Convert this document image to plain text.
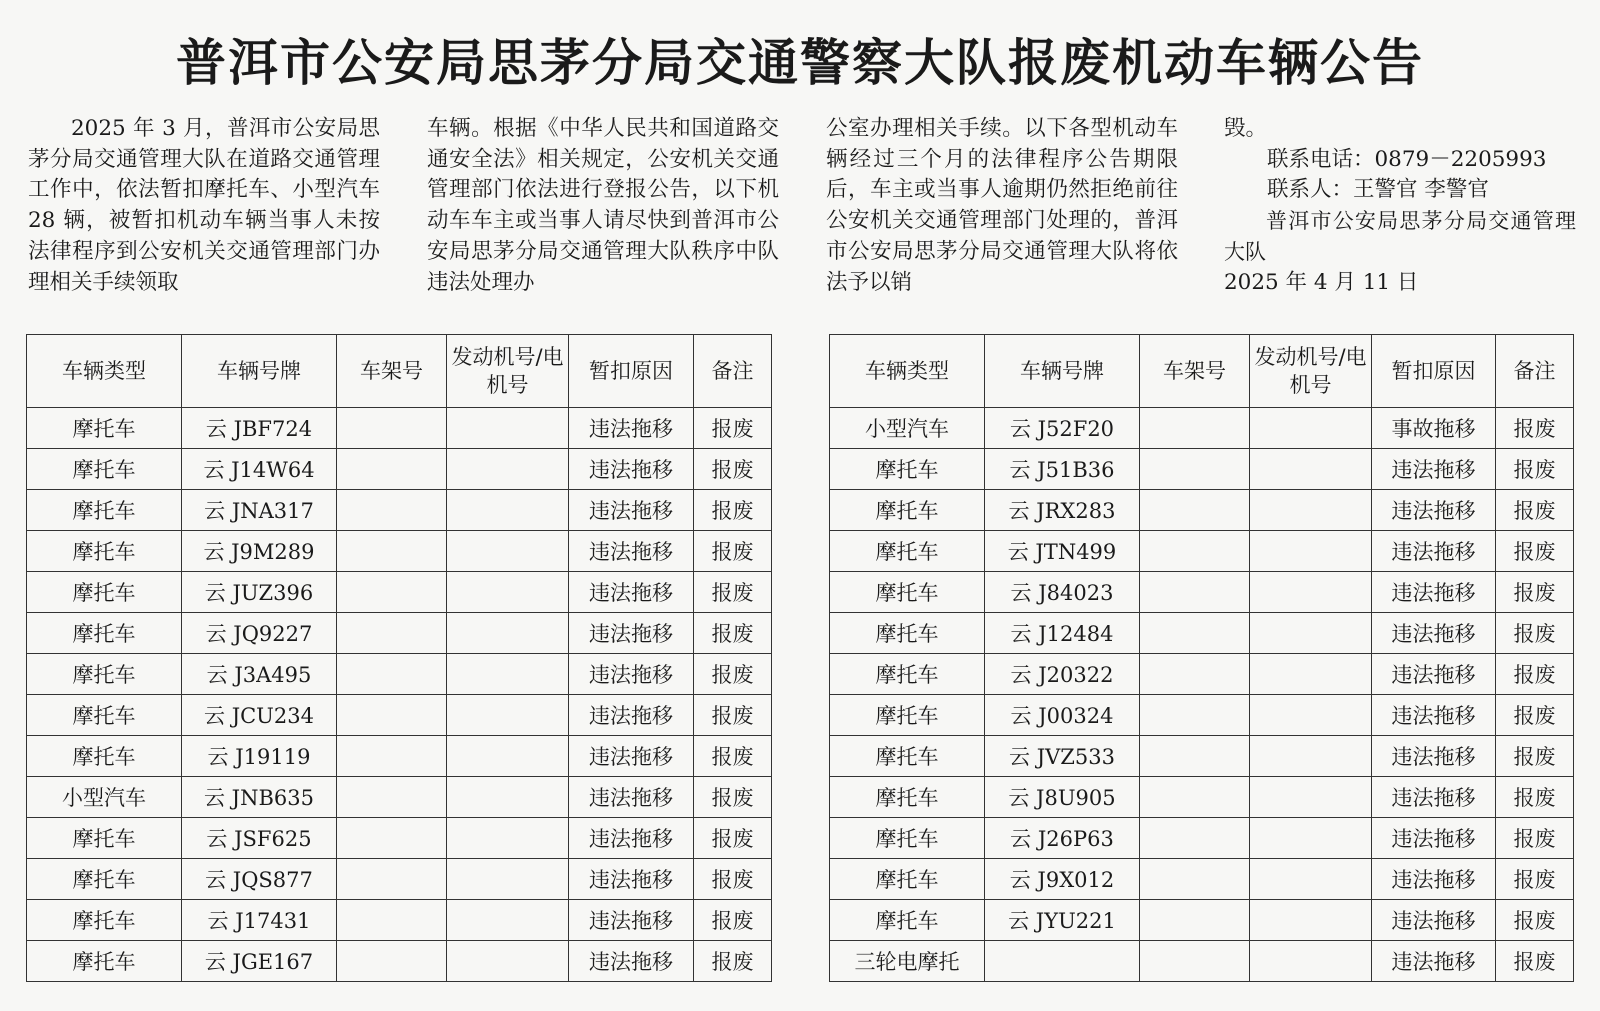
普洱市公安局思茅分局交通警察大队报废机动车辆公告

2025 年 3 月，普洱市公安局思茅分局交通管理大队在道路交通管理工作中，依法暂扣摩托车、小型汽车 28 辆，被暂扣机动车辆当事人未按法律程序到公安机关交通管理部门办理相关手续领取

车辆。根据《中华人民共和国道路交通安全法》相关规定，公安机关交通管理部门依法进行登报公告，以下机动车车主或当事人请尽快到普洱市公安局思茅分局交通管理大队秩序中队违法处理办

公室办理相关手续。以下各型机动车辆经过三个月的法律程序公告期限后，车主或当事人逾期仍然拒绝前往公安机关交通管理部门处理的，普洱市公安局思茅分局交通管理大队将依法予以销

毁。

联系电话：0879－2205993

联系人：王警官 李警官

普洱市公安局思茅分局交通管理大队

2025 年 4 月 11 日

车辆类型	车辆号牌	车架号	发动机号/电机号	暂扣原因	备注
摩托车	云 JBF724			违法拖移	报废
摩托车	云 J14W64			违法拖移	报废
摩托车	云 JNA317			违法拖移	报废
摩托车	云 J9M289			违法拖移	报废
摩托车	云 JUZ396			违法拖移	报废
摩托车	云 JQ9227			违法拖移	报废
摩托车	云 J3A495			违法拖移	报废
摩托车	云 JCU234			违法拖移	报废
摩托车	云 J19119			违法拖移	报废
小型汽车	云 JNB635			违法拖移	报废
摩托车	云 JSF625			违法拖移	报废
摩托车	云 JQS877			违法拖移	报废
摩托车	云 J17431			违法拖移	报废
摩托车	云 JGE167			违法拖移	报废
车辆类型	车辆号牌	车架号	发动机号/电机号	暂扣原因	备注
小型汽车	云 J52F20			事故拖移	报废
摩托车	云 J51B36			违法拖移	报废
摩托车	云 JRX283			违法拖移	报废
摩托车	云 JTN499			违法拖移	报废
摩托车	云 J84023			违法拖移	报废
摩托车	云 J12484			违法拖移	报废
摩托车	云 J20322			违法拖移	报废
摩托车	云 J00324			违法拖移	报废
摩托车	云 JVZ533			违法拖移	报废
摩托车	云 J8U905			违法拖移	报废
摩托车	云 J26P63			违法拖移	报废
摩托车	云 J9X012			违法拖移	报废
摩托车	云 JYU221			违法拖移	报废
三轮电摩托				违法拖移	报废
